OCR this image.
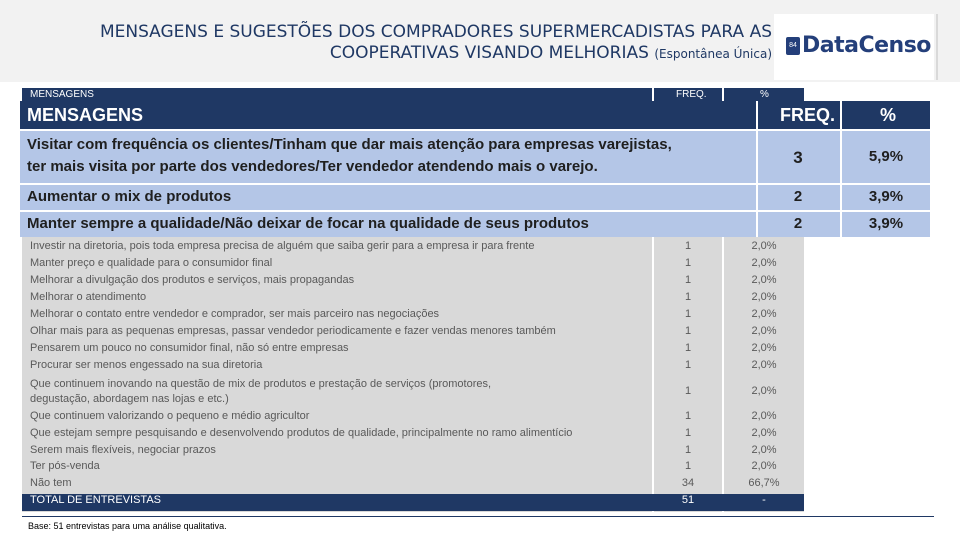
MENSAGENS E SUGESTÕES DOS COMPRADORES SUPERMERCADISTAS PARA AS
COOPERATIVAS VISANDO MELHORIAS (Espontânea Única)
84 DataCenso
MENSAGENS	FREQ.	%
Investir na diretoria, pois toda empresa precisa de alguém que saiba gerir para a empresa ir para frente	1	2,0%
Manter preço e qualidade para o consumidor final	1	2,0%
Melhorar a divulgação dos produtos e serviços, mais propagandas	1	2,0%
Melhorar o atendimento	1	2,0%
Melhorar o contato entre vendedor e comprador, ser mais parceiro nas negociações	1	2,0%
Olhar mais para as pequenas empresas, passar vendedor periodicamente e fazer vendas menores também	1	2,0%
Pensarem um pouco no consumidor final, não só entre empresas	1	2,0%
Procurar ser menos engessado na sua diretoria	1	2,0%
Que continuem inovando na questão de mix de produtos e prestação de serviços (promotores, degustação, abordagem nas lojas e etc.)
1	2,0%
Que continuem valorizando o pequeno e médio agricultor	1	2,0%
Que estejam sempre pesquisando e desenvolvendo produtos de qualidade, principalmente no ramo alimentício	1	2,0%
Serem mais flexíveis, negociar prazos	1	2,0%
Ter pós-venda	1	2,0%
Não tem	34	66,7%
TOTAL DE ENTREVISTAS	51	-
MENSAGENS	FREQ. %
Visitar com frequência os clientes/Tinham que dar mais atenção para empresas varejistas,
ter mais visita por parte dos vendedores/Ter vendedor atendendo mais o varejo.	3	5,9%
Aumentar o mix de produtos	2	3,9%
Manter sempre a qualidade/Não deixar de focar na qualidade de seus produtos	2	3,9%
Base: 51 entrevistas para uma análise qualitativa.
